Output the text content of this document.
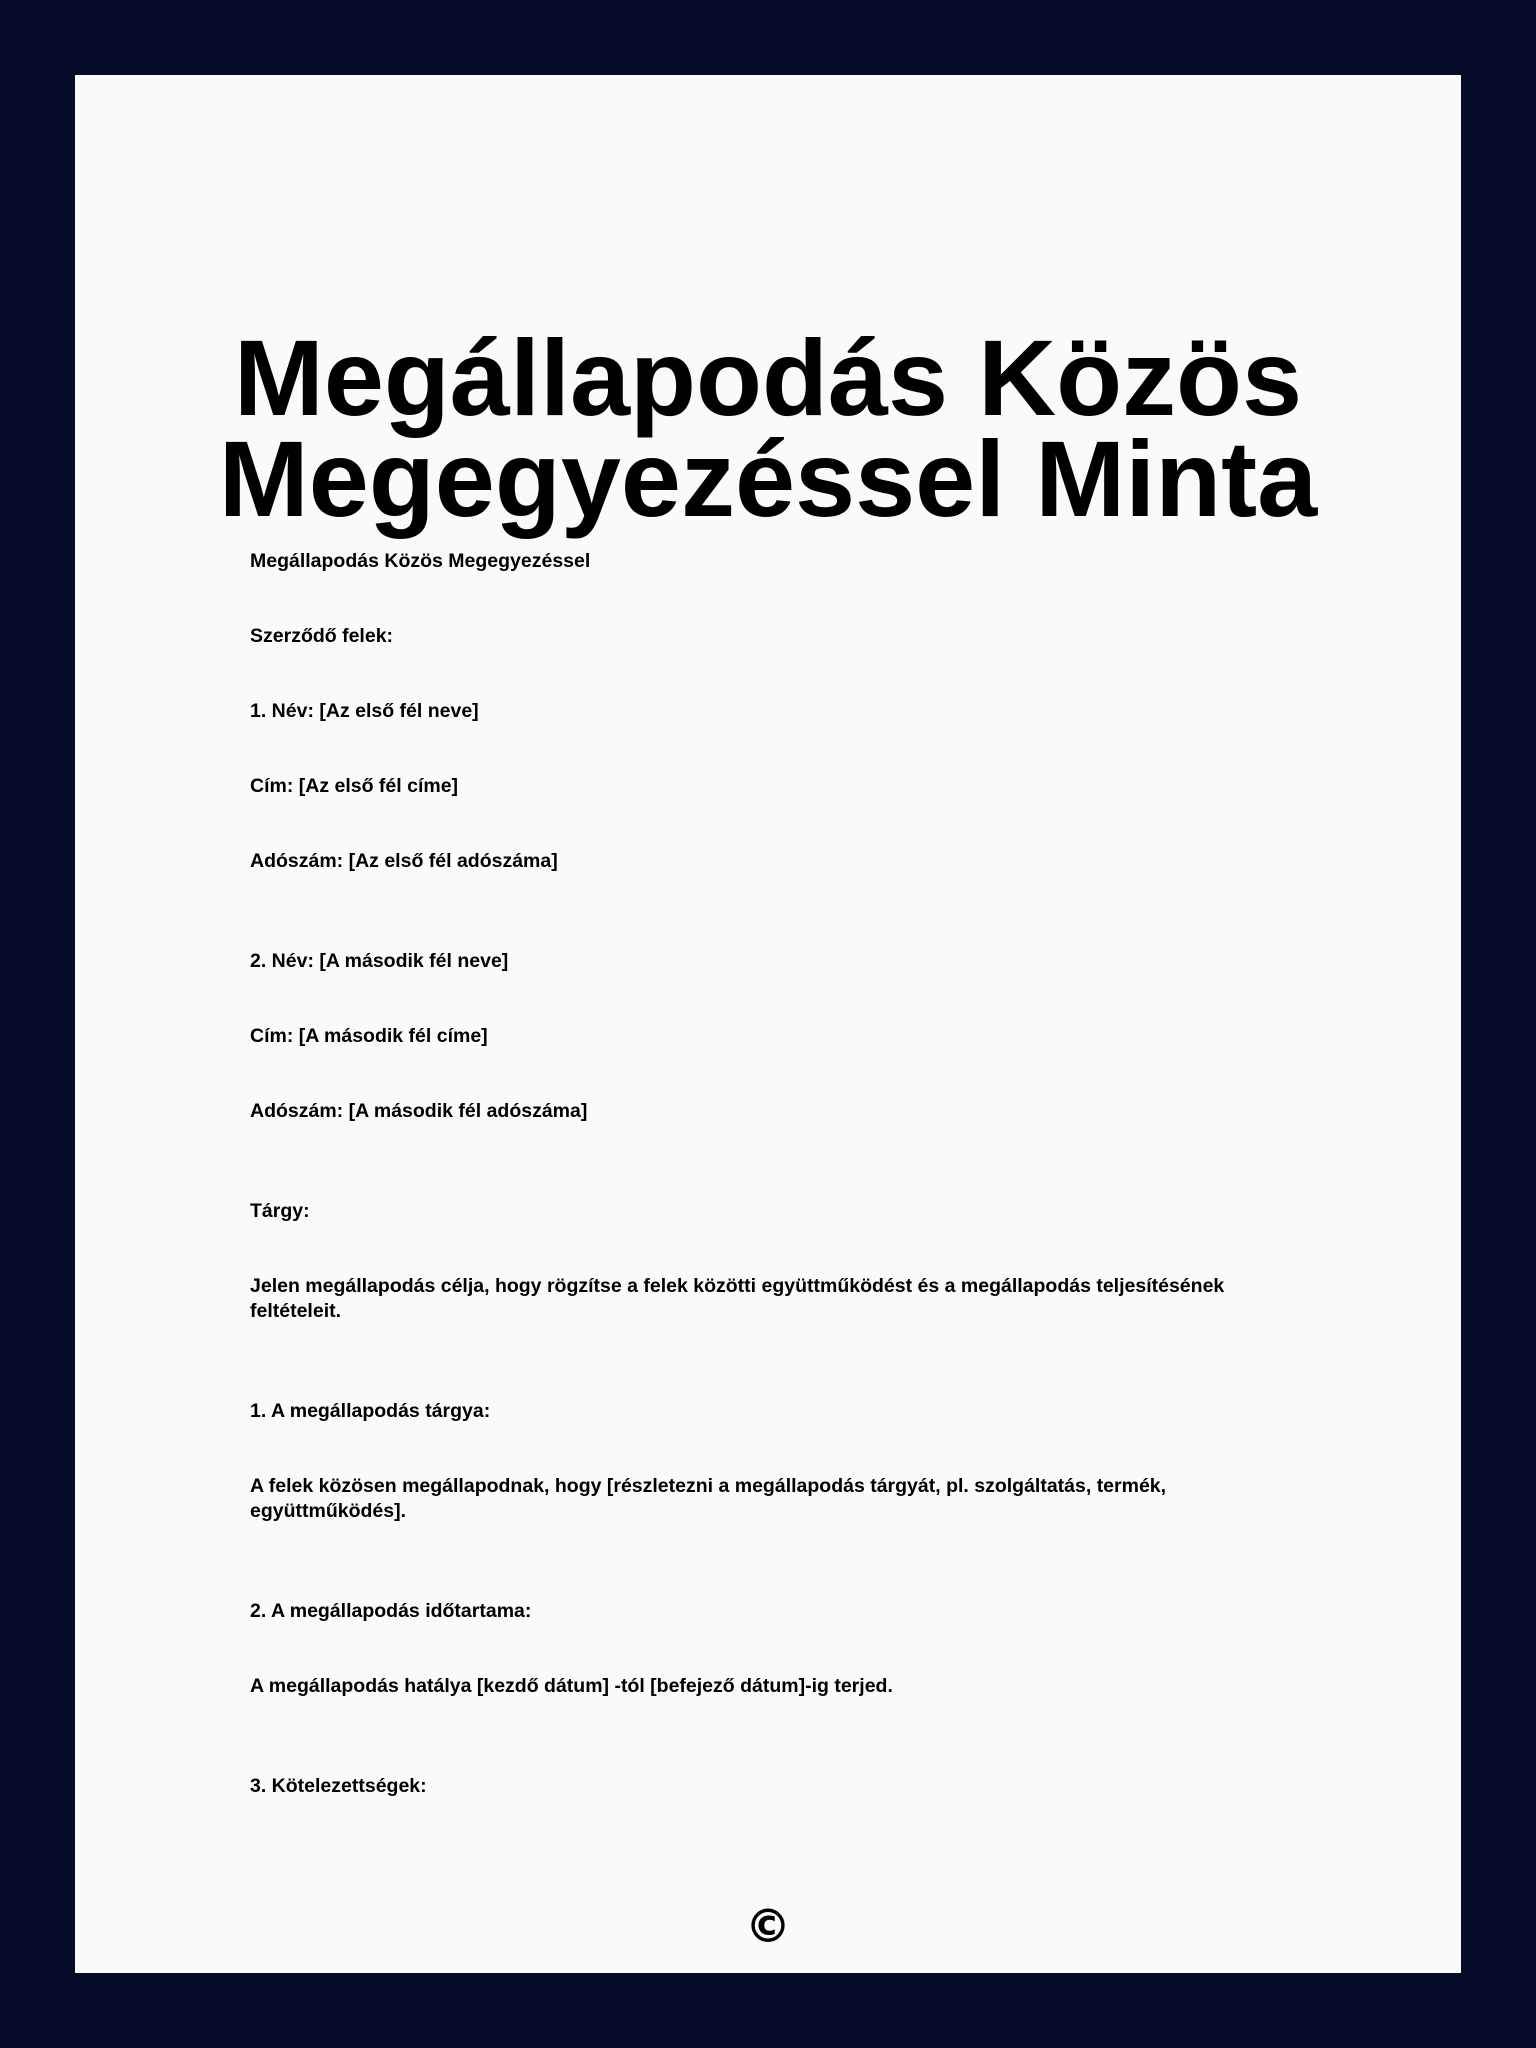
Megállapodás Közös
Megegyezéssel Minta

Megállapodás Közös Megegyezéssel

Szerződő felek:

1. Név: [Az első fél neve]

Cím: [Az első fél címe]

Adószám: [Az első fél adószáma]

2. Név: [A második fél neve]

Cím: [A második fél címe]

Adószám: [A második fél adószáma]

Tárgy:

Jelen megállapodás célja, hogy rögzítse a felek közötti együttműködést és a megállapodás teljesítésének feltételeit.

1. A megállapodás tárgya:

A felek közösen megállapodnak, hogy [részletezni a megállapodás tárgyát, pl. szolgáltatás, termék, együttműködés].

2. A megállapodás időtartama:

A megállapodás hatálya [kezdő dátum] -tól [befejező dátum]-ig terjed.

3. Kötelezettségek:

©
